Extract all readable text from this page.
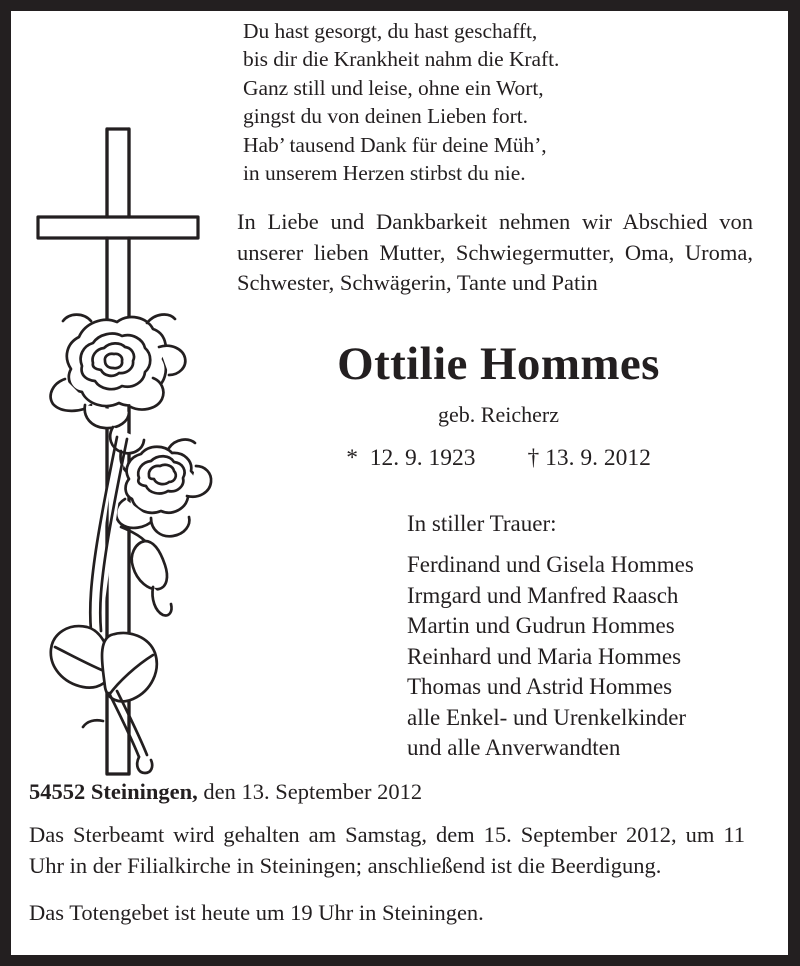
Du hast gesorgt, du hast geschafft,
bis dir die Krankheit nahm die Kraft.
Ganz still und leise, ohne ein Wort,
gingst du von deinen Lieben fort.
Hab’ tausend Dank für deine Müh’,
in unserem Herzen stirbst du nie.

In Liebe und Dankbarkeit nehmen wir Abschied von unserer lieben Mutter, Schwiegermutter, Oma, Uroma, Schwester, Schwägerin, Tante und Patin

Ottilie Hommes
geb. Reicherz
* 12. 9. 1923 † 13. 9. 2012
In stiller Trauer:
Ferdinand und Gisela Hommes
Irmgard und Manfred Raasch
Martin und Gudrun Hommes
Reinhard und Maria Hommes
Thomas und Astrid Hommes
alle Enkel- und Urenkelkinder
und alle Anverwandten

54552 Steiningen, den 13. September 2012

Das Sterbeamt wird gehalten am Samstag, dem 15. September 2012, um 11 Uhr in der Filialkirche in Steiningen; anschließend ist die Beerdigung.

Das Totengebet ist heute um 19 Uhr in Steiningen.
